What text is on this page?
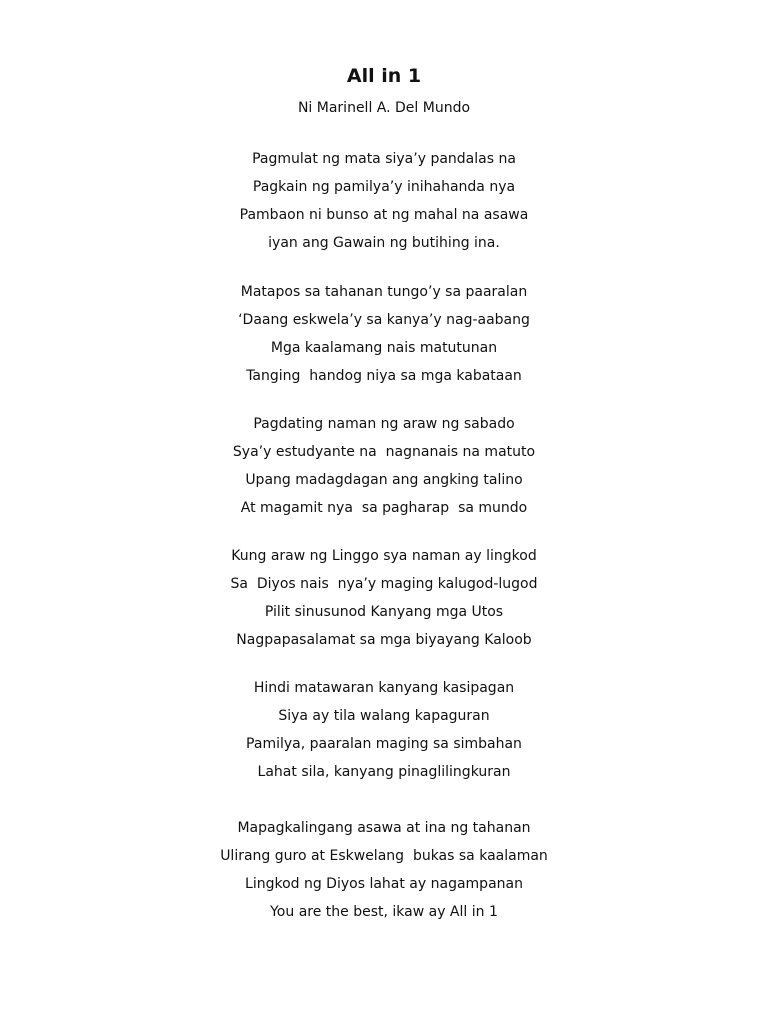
All in 1
Ni Marinell A. Del Mundo
Pagmulat ng mata siya’y pandalas na
Pagkain ng pamilya’y inihahanda nya
Pambaon ni bunso at ng mahal na asawa
iyan ang Gawain ng butihing ina.
Matapos sa tahanan tungo’y sa paaralan
‘Daang eskwela’y sa kanya’y nag-aabang
Mga kaalamang nais matutunan
Tanging  handog niya sa mga kabataan
Pagdating naman ng araw ng sabado
Sya’y estudyante na  nagnanais na matuto
Upang madagdagan ang angking talino
At magamit nya  sa pagharap  sa mundo
Kung araw ng Linggo sya naman ay lingkod
Sa  Diyos nais  nya’y maging kalugod-lugod
Pilit sinusunod Kanyang mga Utos
Nagpapasalamat sa mga biyayang Kaloob
Hindi matawaran kanyang kasipagan
Siya ay tila walang kapaguran
Pamilya, paaralan maging sa simbahan
Lahat sila, kanyang pinaglilingkuran
Mapagkalingang asawa at ina ng tahanan
Ulirang guro at Eskwelang  bukas sa kaalaman
Lingkod ng Diyos lahat ay nagampanan
You are the best, ikaw ay All in 1
